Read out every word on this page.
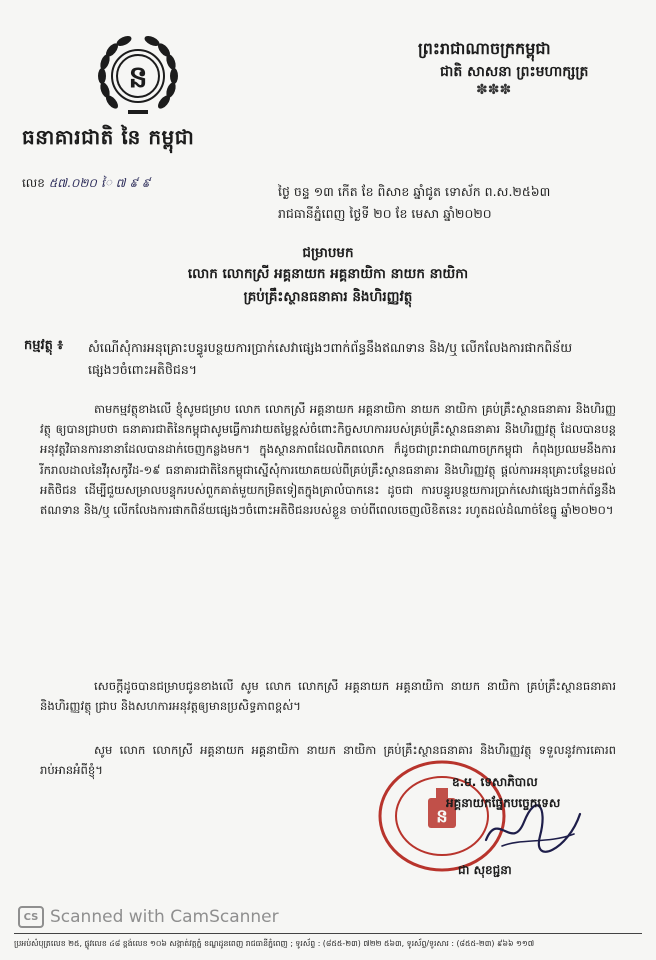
ន
ធនាគារជាតិ នៃ កម្ពុជា
ព្រះរាជាណាចក្រកម្ពុជា
ជាតិ សាសនា ព្រះមហាក្សត្រ
✽✽✽
លេខ ៥៧.០២០ ៃ ៧ ៩ ៩
ថ្ងៃ ចន្ទ ១៣ កើត ខែ ពិសាខ ឆ្នាំជូត ទោស័ក ព.ស.២៥៦៣
រាជធានីភ្នំពេញ ថ្ងៃទី ២០ ខែ មេសា ឆ្នាំ២០២០
ជម្រាបមក
លោក លោកស្រី អគ្គនាយក អគ្គនាយិកា នាយក នាយិកា
គ្រប់គ្រឹះស្ថានធនាគារ និងហិរញ្ញវត្ថុ
កម្មវត្ថុ ៖ សំណើសុំការអនុគ្រោះបន្ធូរបន្ថយការប្រាក់សេវាផ្សេងៗពាក់ព័ន្ធនឹងឥណទាន និង/ឬ លើកលែងការផាកពិន័យផ្សេងៗចំពោះអតិថិជន។
តាមកម្មវត្ថុខាងលើ ខ្ញុំសូមជម្រាប លោក លោកស្រី អគ្គនាយក អគ្គនាយិកា នាយក នាយិកា គ្រប់គ្រឹះស្ថានធនាគារ និងហិរញ្ញវត្ថុ ឲ្យបានជ្រាបថា ធនាគារជាតិនៃកម្ពុជាសូមធ្វើការវាយតម្លៃខ្ពស់ចំពោះកិច្ចសហការរបស់គ្រប់គ្រឹះស្ថានធនាគារ និងហិរញ្ញវត្ថុ ដែលបានបន្តអនុវត្តវិធានការនានាដែលបានដាក់ចេញកន្លងមក។ ក្នុងស្ថានភាពដែលពិភពលោក ក៏ដូចជាព្រះរាជាណាចក្រកម្ពុជា កំពុងប្រឈមនឹងការរីករាលដាលនៃវីរុសកូវីដ-១៩ ធនាគារជាតិនៃកម្ពុជាស្នើសុំការយោគយល់ពីគ្រប់គ្រឹះស្ថានធនាគារ និងហិរញ្ញវត្ថុ ផ្តល់ការអនុគ្រោះបន្ថែមដល់អតិថិជន ដើម្បីជួយសម្រាលបន្ទុករបស់ពួកគាត់មួយកម្រិតទៀតក្នុងគ្រាលំបាកនេះ ដូចជា ការបន្ធូរបន្ថយការប្រាក់សេវាផ្សេងៗពាក់ព័ន្ធនឹងឥណទាន និង/ឬ លើកលែងការផាកពិន័យផ្សេងៗចំពោះអតិថិជនរបស់ខ្លួន ចាប់ពីពេលចេញលិខិតនេះ រហូតដល់ដំណាច់ខែធ្នូ ឆ្នាំ២០២០។
សេចក្តីដូចបានជម្រាបជូនខាងលើ សូម លោក លោកស្រី អគ្គនាយក អគ្គនាយិកា នាយក នាយិកា គ្រប់គ្រឹះស្ថានធនាគារ និងហិរញ្ញវត្ថុ ជ្រាប និងសហការអនុវត្តឲ្យមានប្រសិទ្ធភាពខ្ពស់។
សូម លោក លោកស្រី អគ្គនាយក អគ្គនាយិកា នាយក នាយិកា គ្រប់គ្រឹះស្ថានធនាគារ និងហិរញ្ញវត្ថុ ទទួលនូវការគោរពរាប់អានអំពីខ្ញុំ។
ន
ឧ.ម. ទេសាភិបាល
អគ្គនាយកផ្នែកបច្ចេកទេស
ជា សុខជ្ជនា
CS Scanned with CamScanner
ប្រអប់សំបុត្រលេខ ២៥, ផ្លូវលេខ ៤៨ ខ្ពង់លេខ ១០៦ សង្កាត់វត្តភ្នំ ខណ្ឌដូនពេញ រាជធានីភ្នំពេញ ; ទូរស័ព្ទ : (៨៥៥-២៣) ៧២២ ៥៦៣, ទូរស័ព្ទ/ទូរសារ : (៨៥៥-២៣) ៩៦៦ ១១៧
